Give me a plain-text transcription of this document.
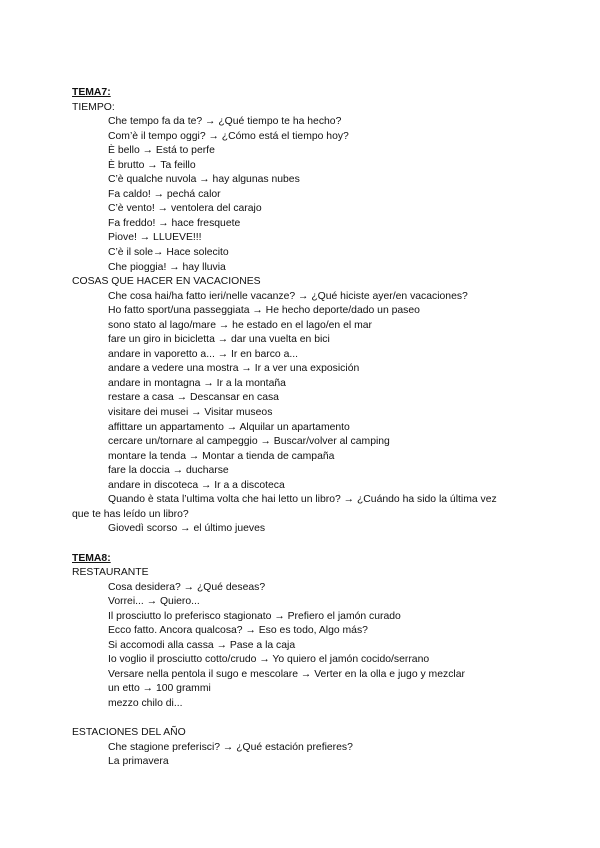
TEMA7:
TIEMPO:
Che tempo fa da te? → ¿Qué tiempo te ha hecho?
Com’è il tempo oggi? → ¿Cómo está el tiempo hoy?
È bello → Está to perfe
È brutto → Ta feillo
C’è qualche nuvola → hay algunas nubes
Fa caldo! → pechá calor
C’è vento! → ventolera del carajo
Fa freddo! → hace fresquete
Piove! → LLUEVE!!!
C’è il sole→ Hace solecito
Che pioggia! → hay lluvia
COSAS QUE HACER EN VACACIONES
Che cosa hai/ha fatto ieri/nelle vacanze? → ¿Qué hiciste ayer/en vacaciones?
Ho fatto sport/una passeggiata → He hecho deporte/dado un paseo
sono stato al lago/mare → he estado en el lago/en el mar
fare un giro in bicicletta → dar una vuelta en bici
andare in vaporetto a... → Ir en barco a...
andare a vedere una mostra → Ir a ver una exposición
andare in montagna → Ir a la montaña
restare a casa → Descansar en casa
visitare dei musei → Visitar museos
affittare un appartamento → Alquilar un apartamento
cercare un/tornare al campeggio → Buscar/volver al camping
montare la tenda → Montar a tienda de campaña
fare la doccia → ducharse
andare in discoteca → Ir a a discoteca
Quando è stata l’ultima volta che hai letto un libro? → ¿Cuándo ha sido la última vez
que te has leído un libro?
Giovedì scorso → el último jueves
TEMA8:
RESTAURANTE
Cosa desidera? → ¿Qué deseas?
Vorrei... → Quiero...
Il prosciutto lo preferisco stagionato → Prefiero el jamón curado
Ecco fatto. Ancora qualcosa? → Eso es todo, Algo más?
Si accomodi alla cassa → Pase a la caja
Io voglio il prosciutto cotto/crudo → Yo quiero el jamón cocido/serrano
Versare nella pentola il sugo e mescolare → Verter en la olla e jugo y mezclar
un etto → 100 grammi
mezzo chilo di...
ESTACIONES DEL AÑO
Che stagione preferisci? → ¿Qué estación prefieres?
La primavera
